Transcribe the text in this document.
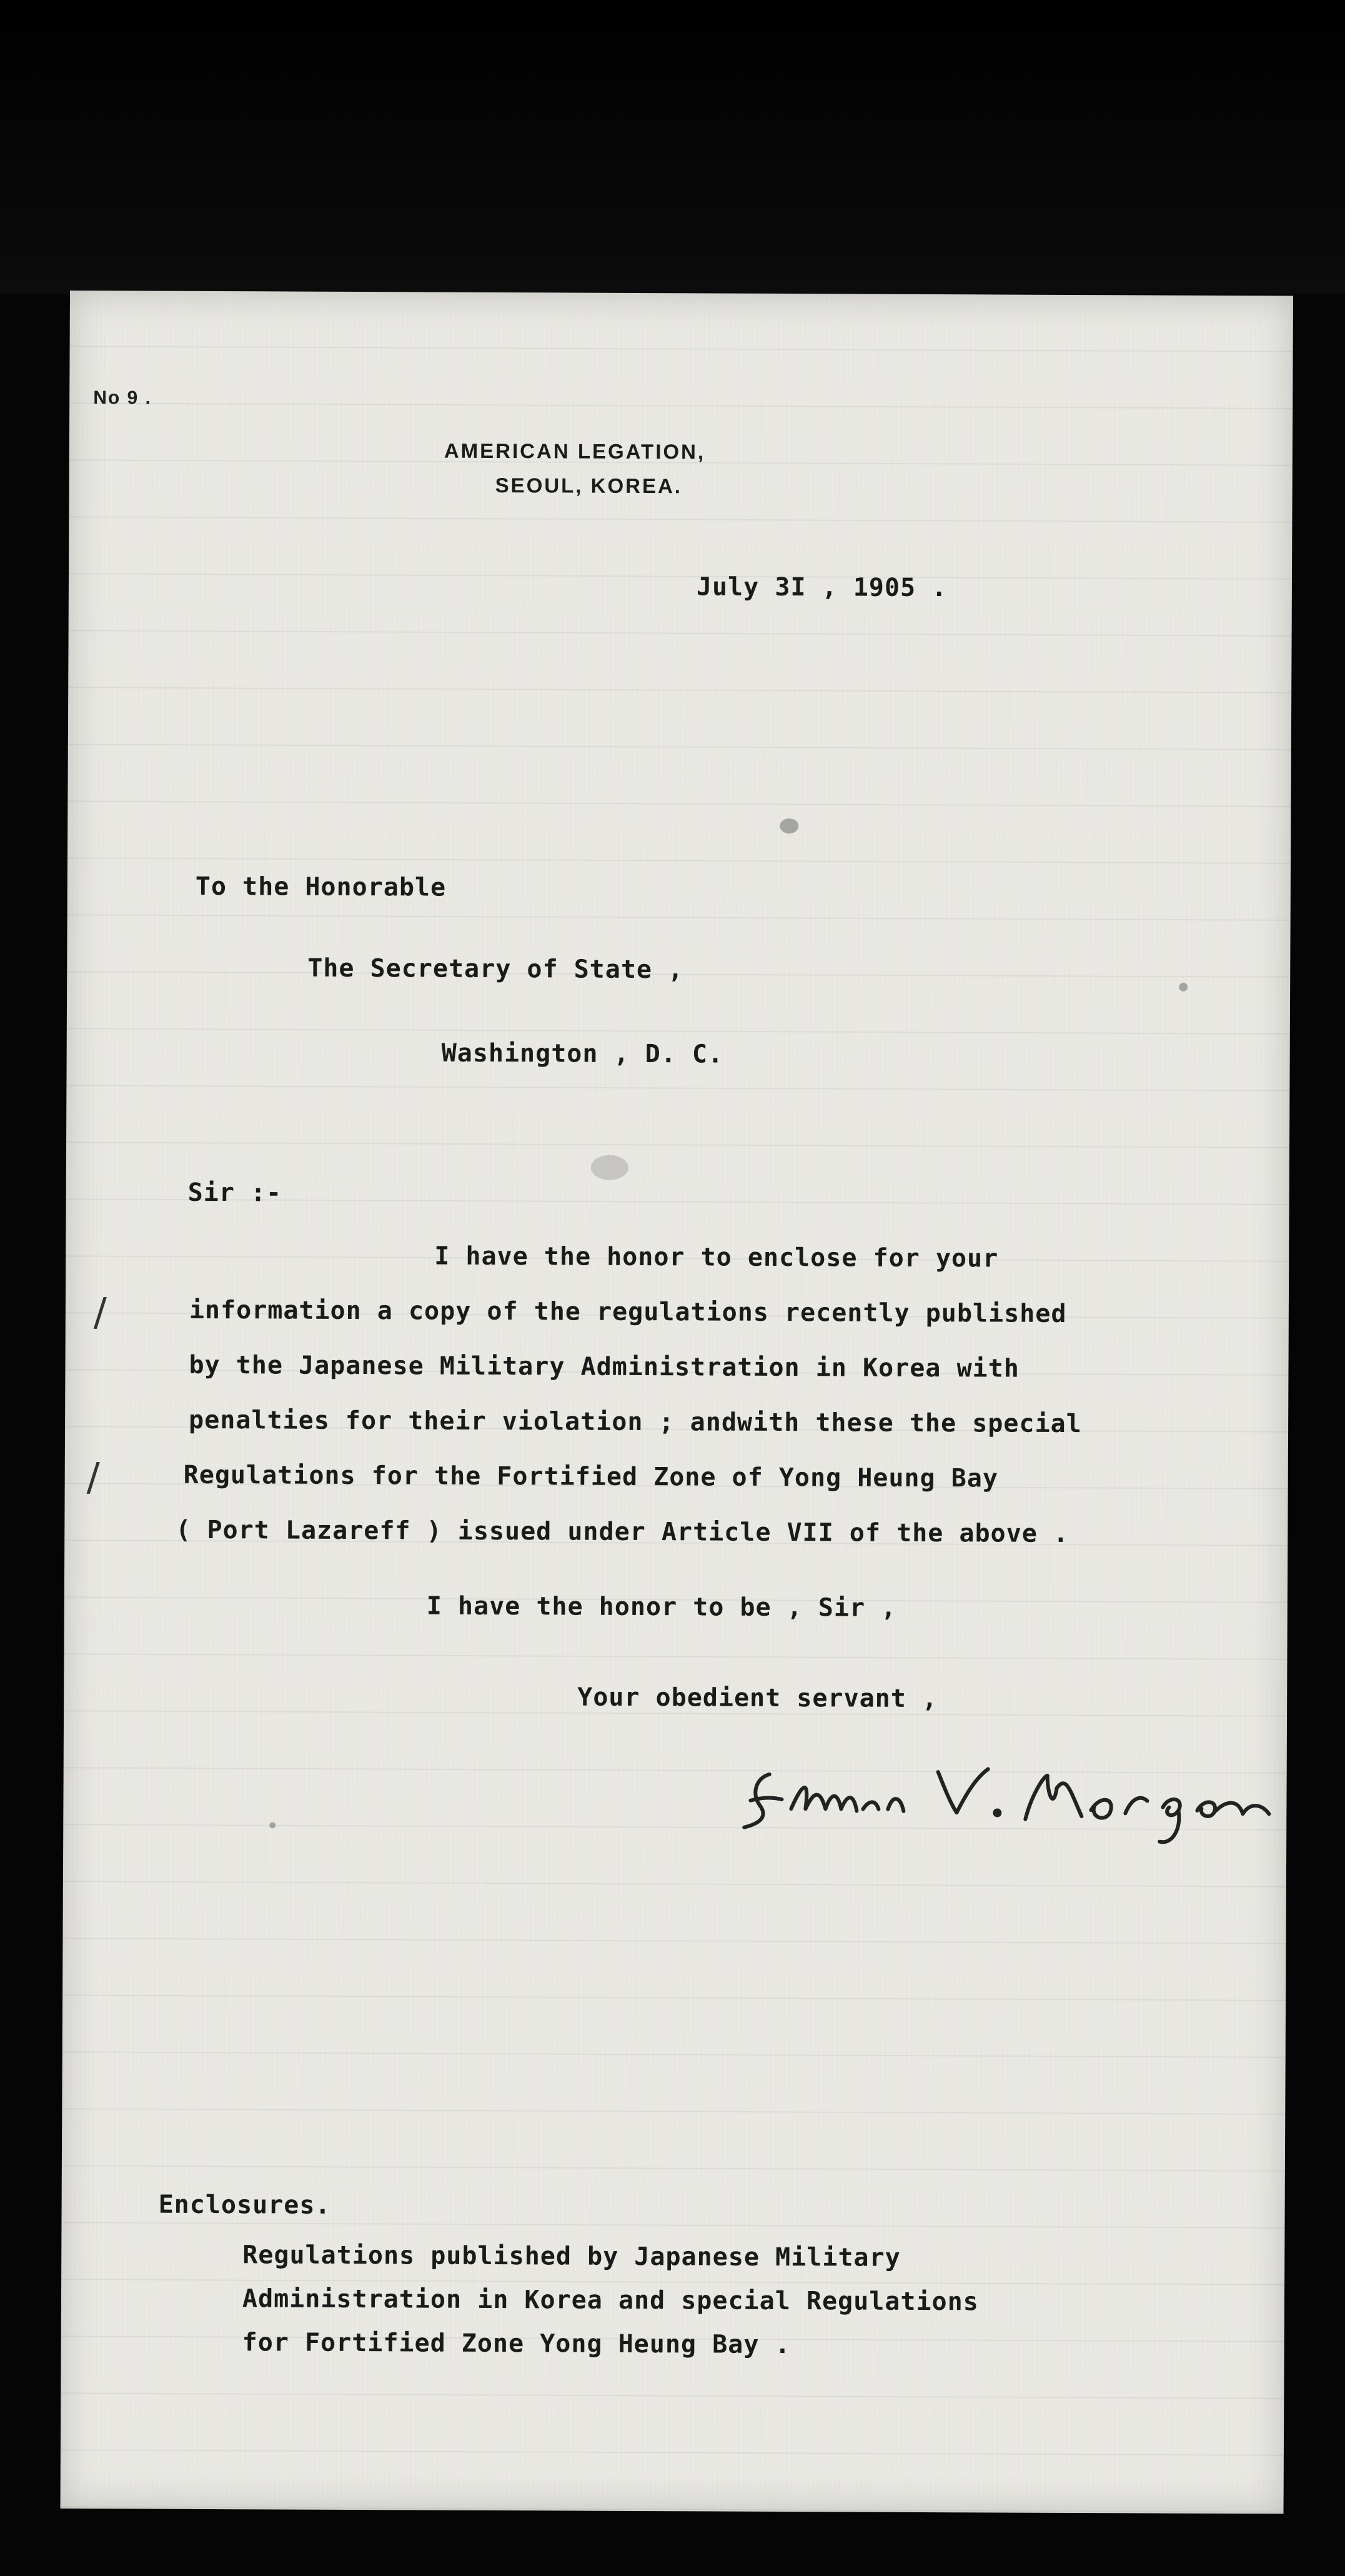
No 9 .
AMERICAN LEGATION,
SEOUL, KOREA.
July 3I , 1905 .
To the Honorable
The Secretary of State ,
Washington , D. C.
Sir :-
I have the honor to enclose for your
information a copy of the regulations recently published
by the Japanese Military Administration in Korea with
penalties for their violation ; andwith these the special
Regulations for the Fortified Zone of Yong Heung Bay
( Port Lazareff ) issued under Article VII of the above .
/
/
I have the honor to be , Sir ,
Your obedient servant ,
Enclosures.
Regulations published by Japanese Military
Administration in Korea and special Regulations
for Fortified Zone Yong Heung Bay .
